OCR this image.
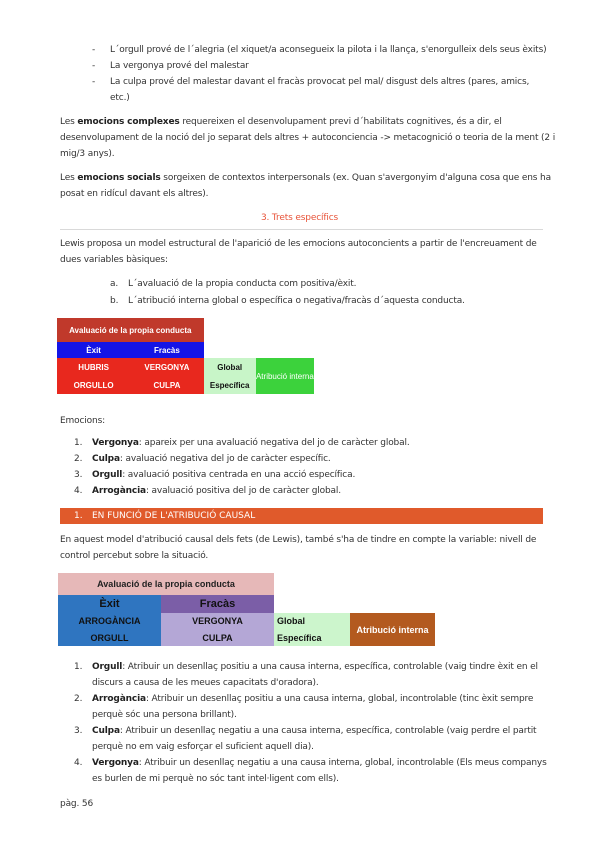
- L´orgull prové de l´alegria (el xiquet/a aconsegueix la pilota i la llança, s'enorgulleix dels seus èxits)
- La vergonya prové del malestar
- La culpa prové del malestar davant el fracàs provocat pel mal/ disgust dels altres (pares, amics,
etc.)
Les emocions complexes requereixen el desenvolupament previ d´habilitats cognitives, és a dir, el
desenvolupament de la noció del jo separat dels altres + autoconciencia -> metacognició o teoria de la ment (2 i
mig/3 anys).
Les emocions socials sorgeixen de contextos interpersonals (ex. Quan s'avergonyim d'alguna cosa que ens ha
posat en ridícul davant els altres).
3. Trets específics
Lewis proposa un model estructural de l'aparició de les emocions autoconcients a partir de l'encreuament de
dues variables bàsiques:
a. L´avaluació de la propia conducta com positiva/èxit.
b. L´atribució interna global o específica o negativa/fracàs d´aquesta conducta.
Avaluació de la propia conducta			
Èxit	Fracàs		
HUBRIS	VERGONYA	Global	Atribució interna
ORGULLO	CULPA	Específica	
Emocions:
1. Vergonya: apareix per una avaluació negativa del jo de caràcter global.
2. Culpa: avaluació negativa del jo de caràcter específic.
3. Orgull: avaluació positiva centrada en una acció específica.
4. Arrogància: avaluació positiva del jo de caràcter global.
1. EN FUNCIÓ DE L'ATRIBUCIÓ CAUSAL
En aquest model d'atribució causal dels fets (de Lewis), també s'ha de tindre en compte la variable: nivell de
control percebut sobre la situació.
Avaluació de la propia conducta			
Èxit	Fracàs		
ARROGÀNCIA	VERGONYA	Global	Atribució interna
ORGULL	CULPA	Específica	
1. Orgull: Atribuir un desenllaç positiu a una causa interna, específica, controlable (vaig tindre èxit en el
discurs a causa de les meues capacitats d'oradora).
2. Arrogància: Atribuir un desenllaç positiu a una causa interna, global, incontrolable (tinc èxit sempre
perquè sóc una persona brillant).
3. Culpa: Atribuir un desenllaç negatiu a una causa interna, específica, controlable (vaig perdre el partit
perquè no em vaig esforçar el suficient aquell dia).
4. Vergonya: Atribuir un desenllaç negatiu a una causa interna, global, incontrolable (Els meus companys
es burlen de mi perquè no sóc tant intel·ligent com ells).
pàg. 56
